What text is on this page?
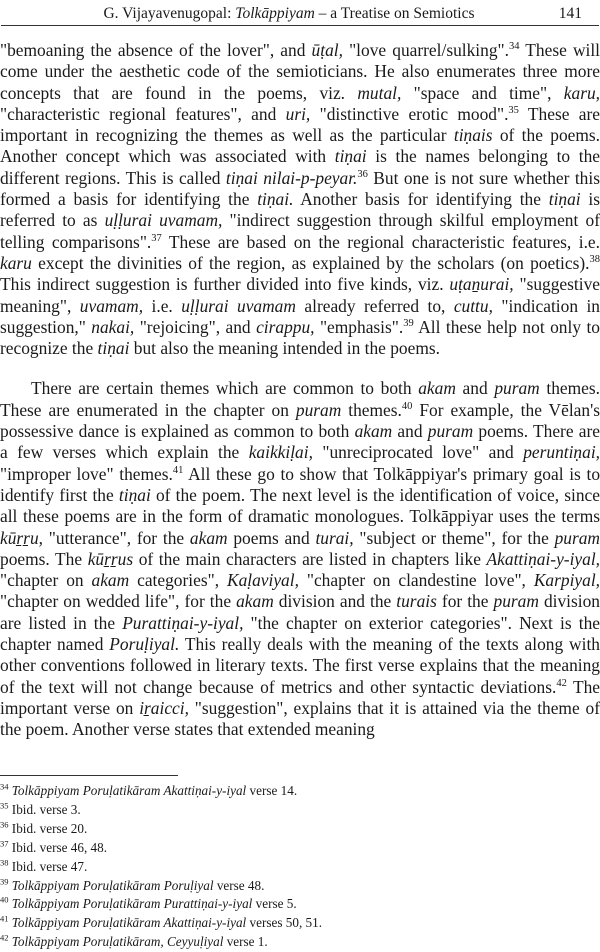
G. Vijayavenugopal: Tolkāppiyam – a Treatise on Semiotics	141

"bemoaning the absence of the lover", and ūṭal, "love quarrel/sulking".$^{34}$ These will come under the aesthetic code of the semioticians. He also enumerates three more concepts that are found in the poems, viz. mutal, "space and time", karu, "characteristic regional features", and uri, "distinctive erotic mood".$^{35}$ These are important in recognizing the themes as well as the particular tiṇais of the poems. Another concept which was associated with tiṇai is the names belonging to the different regions. This is called tiṇai nilai-p-peyar.$^{36}$ But one is not sure whether this formed a basis for identifying the tiṇai. Another basis for identifying the tiṇai is referred to as uḷḷurai uvamam, "indirect suggestion through skilful employment of telling comparisons".$^{37}$ These are based on the regional characteristic features, i.e. karu except the divinities of the region, as explained by the scholars (on poetics).$^{38}$ This indirect suggestion is further divided into five kinds, viz. uṭaṉurai, "suggestive meaning", uvamam, i.e. uḷḷurai uvamam already referred to, cuttu, "indication in suggestion," nakai, "rejoicing", and cirappu, "emphasis".$^{39}$ All these help not only to recognize the tiṇai but also the meaning intended in the poems.

There are certain themes which are common to both akam and puram themes. These are enumerated in the chapter on puram themes.$^{40}$ For example, the Vēlan's possessive dance is explained as common to both akam and puram poems. There are a few verses which explain the kaikkiḷai, "unreciprocated love" and peruntiṇai, "improper love" themes.$^{41}$ All these go to show that Tolkāppiyar's primary goal is to identify first the tiṇai of the poem. The next level is the identification of voice, since all these poems are in the form of dramatic monologues. Tolkāppiyar uses the terms kūṟṟu, "utterance", for the akam poems and turai, "subject or theme", for the puram poems. The kūṟṟus of the main characters are listed in chapters like Akattiṇai-y-iyal, "chapter on akam categories", Kaḷaviyal, "chapter on clandestine love", Karpiyal, "chapter on wedded life", for the akam division and the turais for the puram division are listed in the Purattiṇai-y-iyal, "the chapter on exterior categories". Next is the chapter named Poruḷiyal. This really deals with the meaning of the texts along with other conventions followed in literary texts. The first verse explains that the meaning of the text will not change because of metrics and other syntactic deviations.$^{42}$ The important verse on iṟaicci, "suggestion", explains that it is attained via the theme of the poem. Another verse states that extended meaning

$^{34}$ Tolkāppiyam Poruḷatikāram Akattiṇai-y-iyal verse 14.
$^{35}$ Ibid. verse 3.
$^{36}$ Ibid. verse 20.
$^{37}$ Ibid. verse 46, 48.
$^{38}$ Ibid. verse 47.
$^{39}$ Tolkāppiyam Poruḷatikāram Poruḷiyal verse 48.
$^{40}$ Tolkāppiyam Poruḷatikāram Purattiṇai-y-iyal verse 5.
$^{41}$ Tolkāppiyam Poruḷatikāram Akattiṇai-y-iyal verses 50, 51.
$^{42}$ Tolkāppiyam Poruḷatikāram, Ceyyuḷiyal verse 1.
